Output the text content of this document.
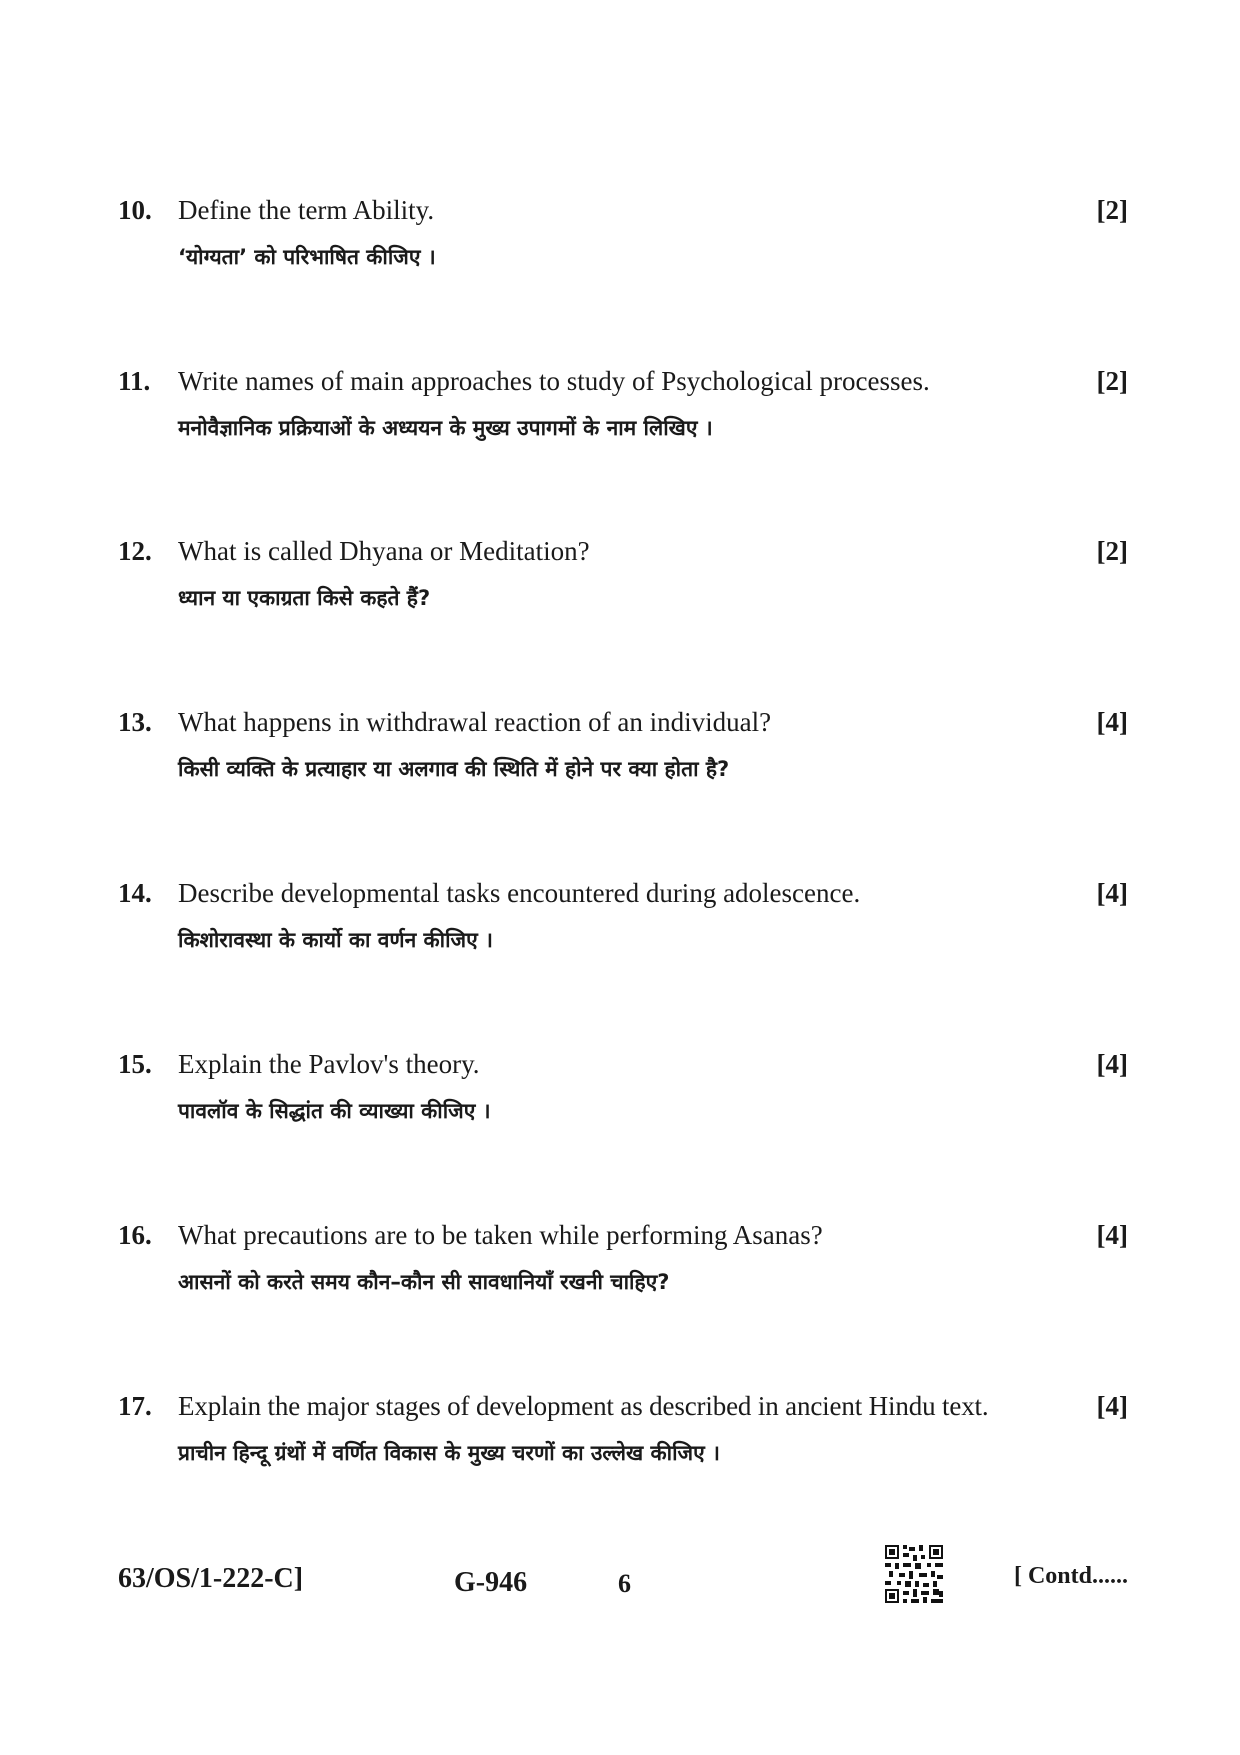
10. Define the term Ability.	[2]
‘योग्यता’ को परिभाषित कीजिए ।
11.	Write names of main approaches to study of Psychological processes.	[2]
मनोवैज्ञानिक प्रक्रियाओं के अध्ययन के मुख्य उपागमों के नाम लिखिए ।
12. What is called Dhyana or Meditation?	[2]
ध्यान या एकाग्रता किसे कहते हैं?
13. What happens in withdrawal reaction of an individual?	[4]
किसी व्यक्ति के प्रत्याहार या अलगाव की स्थिति में होने पर क्या होता है?
14. Describe developmental tasks encountered during adolescence.	[4]
किशोरावस्था के कार्यो का वर्णन कीजिए ।
15. Explain the Pavlov's theory.	[4]
पावलॉव के सिद्धांत की व्याख्या कीजिए ।
16. What precautions are to be taken while performing Asanas?	[4]
आसनों को करते समय कौन–कौन सी सावधानियाँ रखनी चाहिए?
17. Explain the major stages of development as described in ancient Hindu text.	[4]
प्राचीन हिन्दू ग्रंथों में वर्णित विकास के मुख्य चरणों का उल्लेख कीजिए ।
63/OS/1-222-C]	G-946	6	[ Contd......
